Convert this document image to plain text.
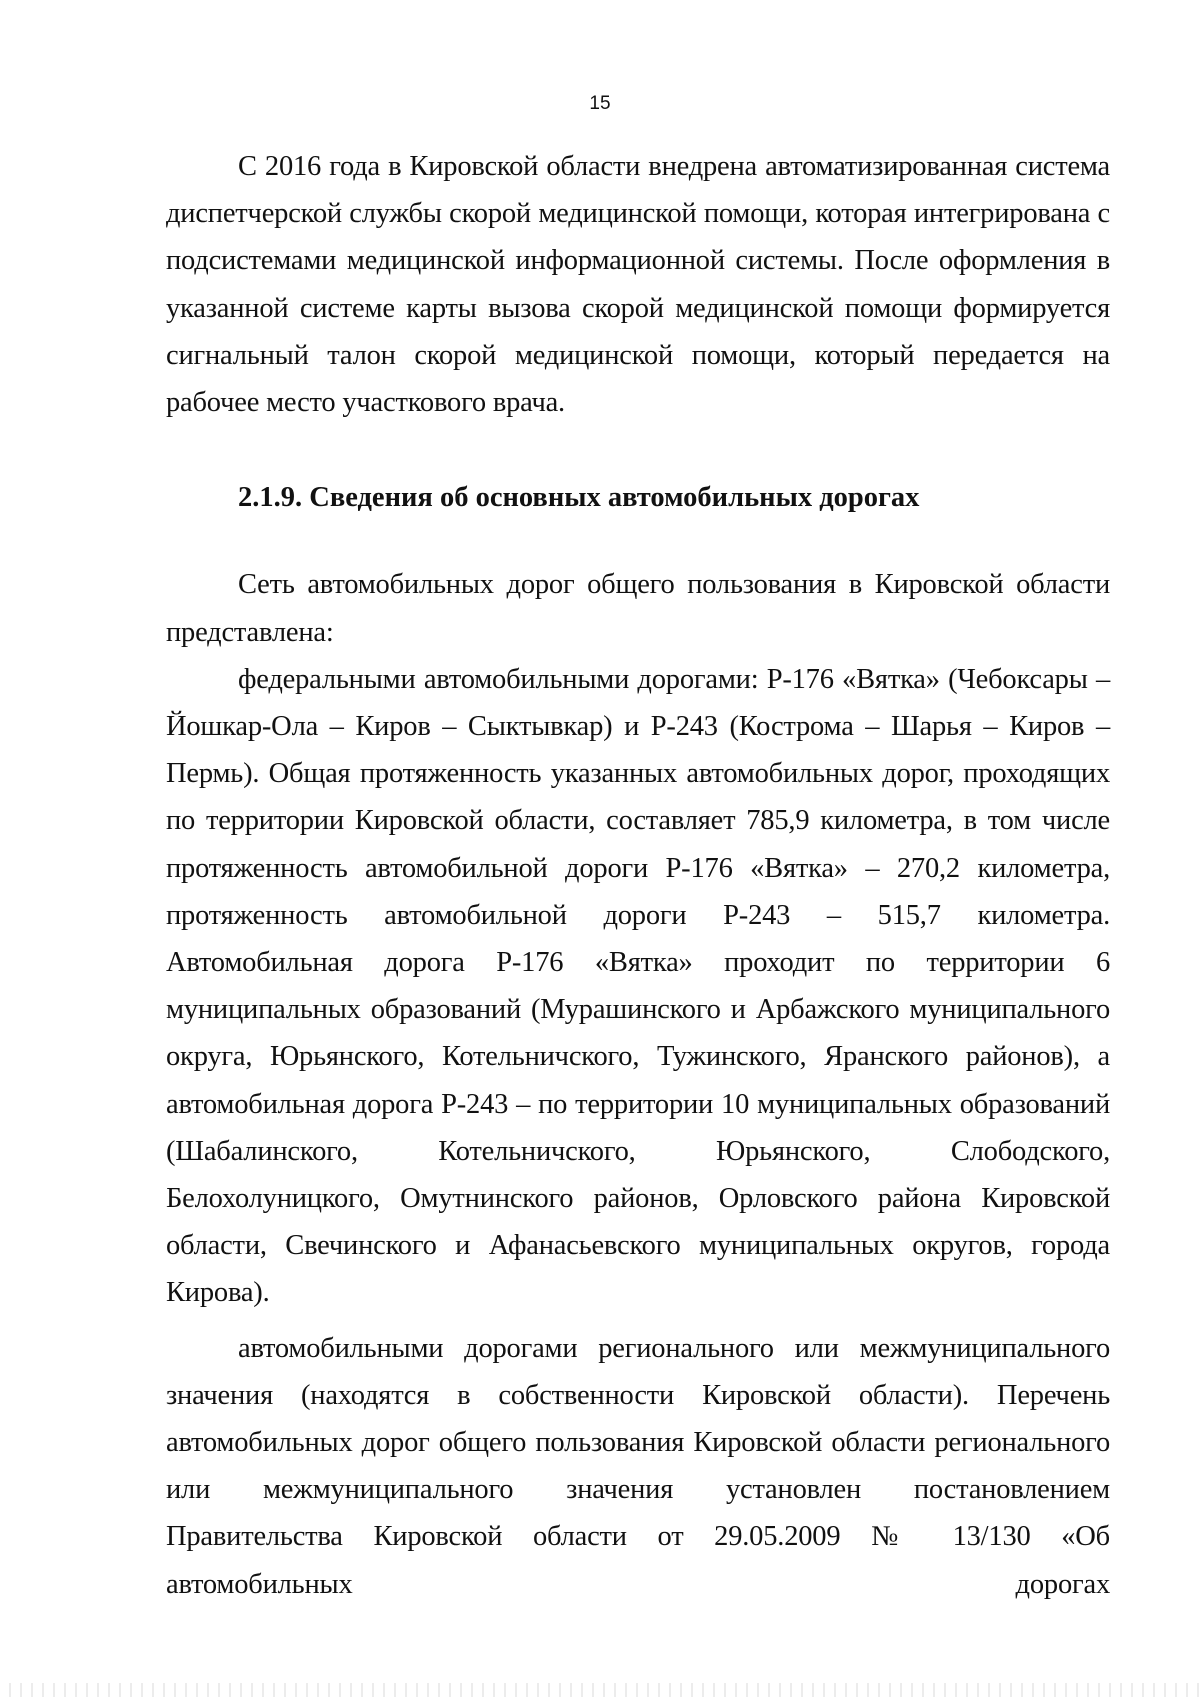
15

С 2016 года в Кировской области внедрена автоматизированная система диспетчерской службы скорой медицинской помощи, которая интегрирована с подсистемами медицинской информационной системы. После оформления в указанной системе карты вызова скорой медицинской помощи формируется сигнальный талон скорой медицинской помощи, который передается на рабочее место участкового врача.

2.1.9. Сведения об основных автомобильных дорогах

Сеть автомобильных дорог общего пользования в Кировской области представлена:

федеральными автомобильными дорогами: Р-176 «Вятка» (Чебоксары – Йошкар-Ола – Киров – Сыктывкар) и Р-243 (Кострома – Шарья – Киров – Пермь). Общая протяженность указанных автомобильных дорог, проходящих по территории Кировской области, составляет 785,9 километра, в том числе протяженность автомобильной дороги Р-176 «Вятка» – 270,2 километра, протяженность автомобильной дороги Р-243 – 515,7 километра. Автомобильная дорога Р-176 «Вятка» проходит по территории 6 муниципальных образований (Мурашинского и Арбажского муниципального округа, Юрьянского, Котельничского, Тужинского, Яранского районов), а автомобильная дорога Р-243 – по территории 10 муниципальных образований (Шабалинского, Котельничского, Юрьянского, Слободского, Белохолуницкого, Омутнинского районов, Орловского района Кировской области, Свечинского и Афанасьевского муниципальных округов, города Кирова).

автомобильными дорогами регионального или межмуниципального значения (находятся в собственности Кировской области). Перечень автомобильных дорог общего пользования Кировской области регионального или межмуниципального значения установлен постановлением Правительства Кировской области от 29.05.2009 № 13/130 «Об автомобильных дорогах
